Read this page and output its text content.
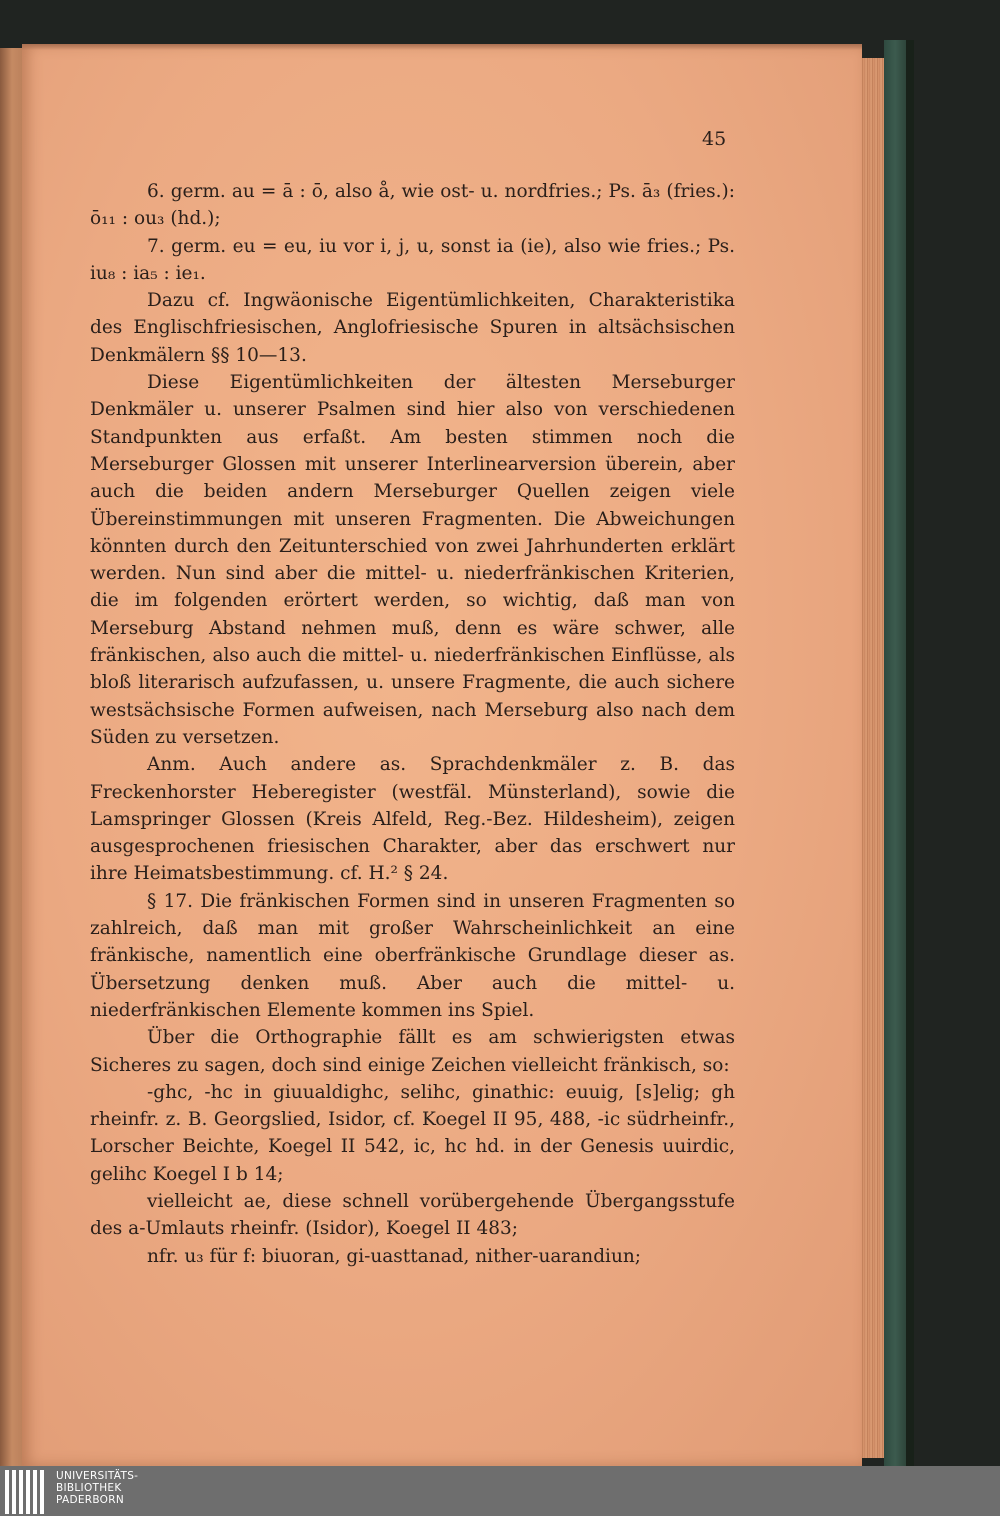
45

6. germ. au = ā : ō, also å, wie ost- u. nordfries.; Ps. ā₃ (fries.): ō₁₁ : ou₃ (hd.);

7. germ. eu = eu, iu vor i, j, u, sonst ia (ie), also wie fries.; Ps. iu₈ : ia₅ : ie₁.

Dazu cf. Ingwäonische Eigentümlichkeiten, Charakteristika des Englischfriesischen, Anglofriesische Spuren in altsächsischen Denkmälern §§ 10—13.

Diese Eigentümlichkeiten der ältesten Merseburger Denkmäler u. unserer Psalmen sind hier also von verschiedenen Standpunkten aus erfaßt. Am besten stimmen noch die Merseburger Glossen mit unserer Interlinearversion überein, aber auch die beiden andern Merseburger Quellen zeigen viele Übereinstimmungen mit unseren Fragmenten. Die Abweichungen könnten durch den Zeitunterschied von zwei Jahrhunderten erklärt werden. Nun sind aber die mittel- u. niederfränkischen Kriterien, die im folgenden erörtert werden, so wichtig, daß man von Merseburg Abstand nehmen muß, denn es wäre schwer, alle fränkischen, also auch die mittel- u. niederfränkischen Einflüsse, als bloß literarisch aufzufassen, u. unsere Fragmente, die auch sichere westsächsische Formen aufweisen, nach Merseburg also nach dem Süden zu versetzen.

Anm. Auch andere as. Sprachdenkmäler z. B. das Freckenhorster Heberegister (westfäl. Münsterland), sowie die Lamspringer Glossen (Kreis Alfeld, Reg.-Bez. Hildesheim), zeigen ausgesprochenen friesischen Charakter, aber das erschwert nur ihre Heimatsbestimmung. cf. H.² § 24.

§ 17. Die fränkischen Formen sind in unseren Fragmenten so zahlreich, daß man mit großer Wahrscheinlichkeit an eine fränkische, namentlich eine oberfränkische Grundlage dieser as. Übersetzung denken muß. Aber auch die mittel- u. niederfränkischen Elemente kommen ins Spiel.

Über die Orthographie fällt es am schwierigsten etwas Sicheres zu sagen, doch sind einige Zeichen vielleicht fränkisch, so:

-ghc, -hc in giuualdighc, selihc, ginathic: euuig, [s]elig; gh rheinfr. z. B. Georgslied, Isidor, cf. Koegel II 95, 488, -ic südrheinfr., Lorscher Beichte, Koegel II 542, ic, hc hd. in der Genesis uuirdic, gelihc Koegel I b 14;

vielleicht ae, diese schnell vorübergehende Übergangsstufe des a-Umlauts rheinfr. (Isidor), Koegel II 483;

nfr. u₃ für f: biuoran, gi-uasttanad, nither-uarandiun;

UNIVERSITÄTS-
BIBLIOTHEK
PADERBORN
